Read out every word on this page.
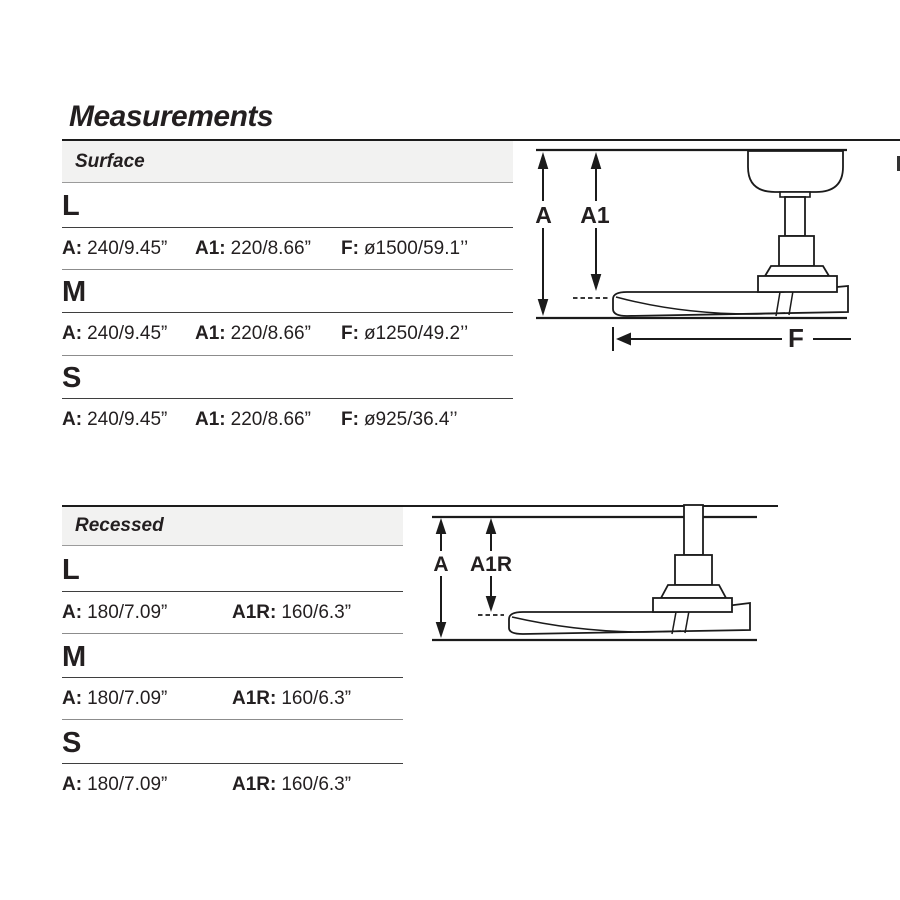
Measurements
Surface
L
A: 240/9.45” A1: 220/8.66” F: ø1500/59.1’’
M
A: 240/9.45” A1: 220/8.66” F: ø1250/49.2’’
S
A: 240/9.45” A1: 220/8.66” F: ø925/36.4’’
A A1
F
Recessed
L
A: 180/7.09”	A1R: 160/6.3”
M
A: 180/7.09”	A1R: 160/6.3”
S
A: 180/7.09”	A1R: 160/6.3”
A A1R
